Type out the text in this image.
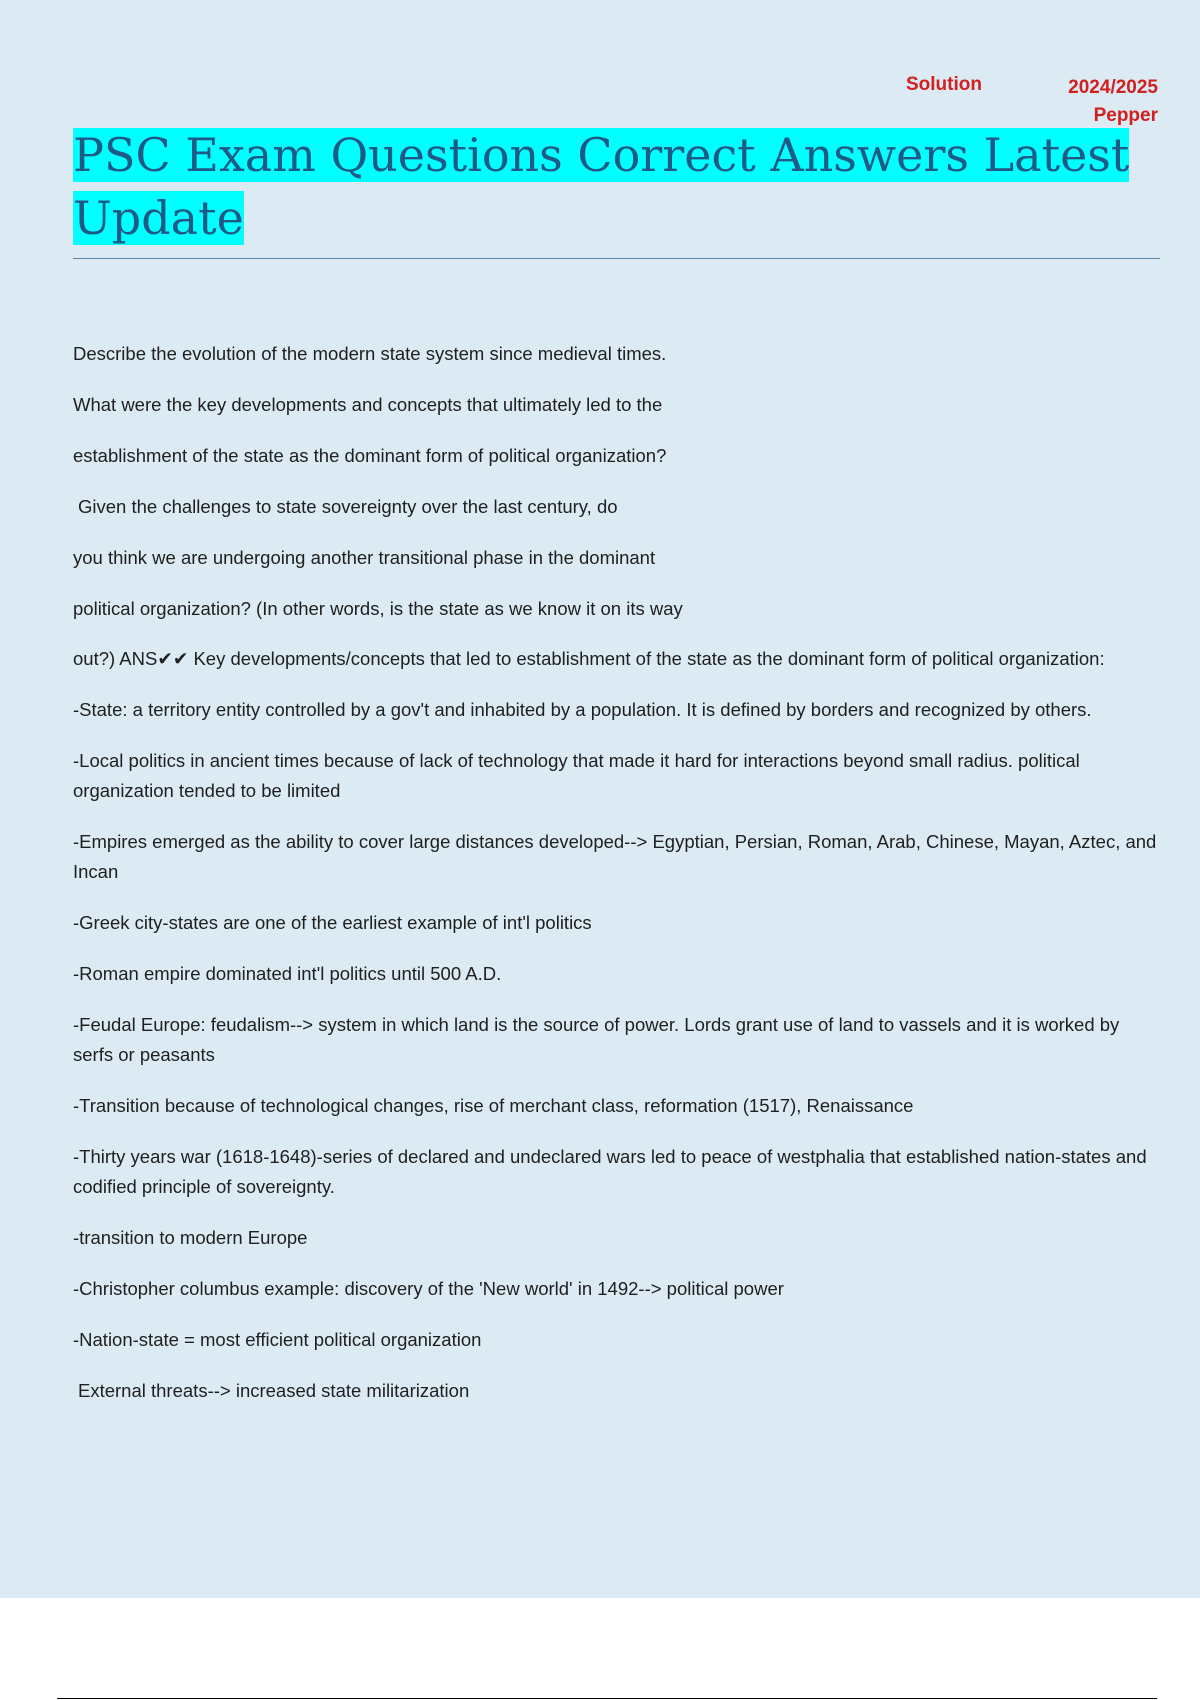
Solution	2024/2025
Pepper
PSC Exam Questions Correct Answers Latest Update
Describe the evolution of the modern state system since medieval times.
What were the key developments and concepts that ultimately led to the
establishment of the state as the dominant form of political organization?
Given the challenges to state sovereignty over the last century, do
you think we are undergoing another transitional phase in the dominant
political organization? (In other words, is the state as we know it on its way

out?) ANS✔✔ Key developments/concepts that led to establishment of the state as the dominant form of political organization:

-State: a territory entity controlled by a gov't and inhabited by a population. It is defined by borders and recognized by others.

-Local politics in ancient times because of lack of technology that made it hard for interactions beyond small radius. political organization tended to be limited

-Empires emerged as the ability to cover large distances developed--> Egyptian, Persian, Roman, Arab, Chinese, Mayan, Aztec, and Incan

-Greek city-states are one of the earliest example of int'l politics

-Roman empire dominated int'l politics until 500 A.D.

-Feudal Europe: feudalism--> system in which land is the source of power. Lords grant use of land to vassels and it is worked by serfs or peasants

-Transition because of technological changes, rise of merchant class, reformation (1517), Renaissance

-Thirty years war (1618-1648)-series of declared and undeclared wars led to peace of westphalia that established nation-states and codified principle of sovereignty.

-transition to modern Europe

-Christopher columbus example: discovery of the 'New world' in 1492--> political power

-Nation-state = most efficient political organization

External threats--> increased state militarization
